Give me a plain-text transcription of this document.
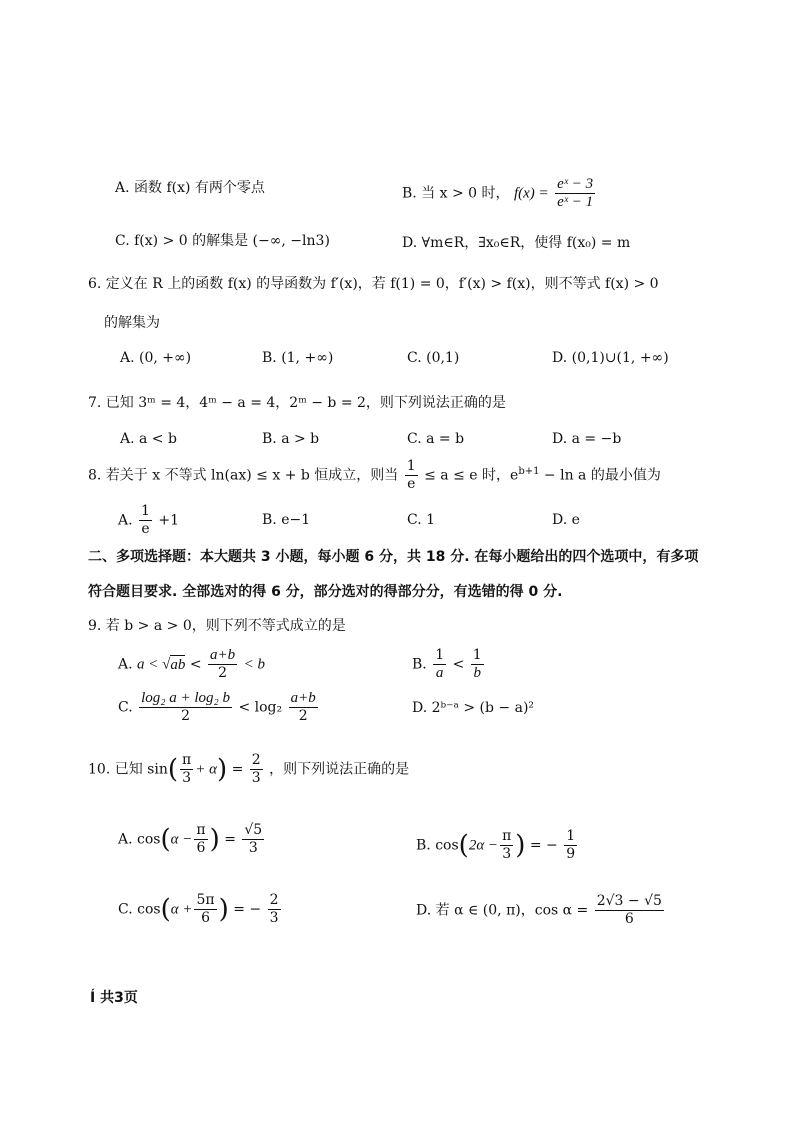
A. 函数 f(x) 有两个零点	B. 当 x > 0 时， $f(x) = \frac{\text{eˣ − 3}}{\text{eˣ − 1}}$
C. f(x) > 0 的解集是 (−∞, −ln3)	D. ∀m∈R，∃x₀∈R，使得 f(x₀) = m
6. 定义在 R 上的函数 f(x) 的导函数为 f′(x)，若 f(1) = 0，f′(x) > f(x)，则不等式 f(x) > 0
的解集为
A. (0, +∞)	B. (1, +∞)	C. (0,1)	D. (0,1)∪(1, +∞)
7. 已知 3ᵐ = 4，4ᵐ − a = 4，2ᵐ − b = 2，则下列说法正确的是
A. a < b	B. a > b	C. a = b	D. a = −b
8. 若关于 x 不等式 ln(ax) ≤ x + b 恒成立，则当 $\frac{1}{e} \le a \le e$ 时，$e^{b+1} - \ln a$ 的最小值为
A. $\frac{1}{e} +1$	B. e−1	C. 1	D. e
二、多项选择题：本大题共 3 小题，每小题 6 分，共 18 分. 在每小题给出的四个选项中，有多项
符合题目要求. 全部选对的得 6 分，部分选对的得部分分，有选错的得 0 分.
9. 若 b > a > 0，则下列不等式成立的是
A. $a < √ab < \frac{a+b}{2} < b$	B. $\frac{1}{a} < \frac{1}{b}$
C. $\frac{\text{log₂ a + log₂ b}}{2} < \log_2 \frac{a+b}{2}$	D. 2ᵇ⁻ᵃ > (b − a)²
10. 已知 $\sin( \frac{\pi}{3} + \alpha) = \frac{2}{3}$ ，则下列说法正确的是
A. $\cos(\alpha - \frac{\pi}{6}$ ) = $\frac{√5}{3}$	B. $\cos(2\alpha - \frac{\pi}{3}$ ) = − $\frac{1}{9}$
C. $\cos(\alpha + \frac{5\pi}{6}$ ) = − $\frac{2}{3}$	D. 若 α ∈ (0, π)，$\cos \alpha = \frac{2√3 - √5}{6}$
Í 共3页
